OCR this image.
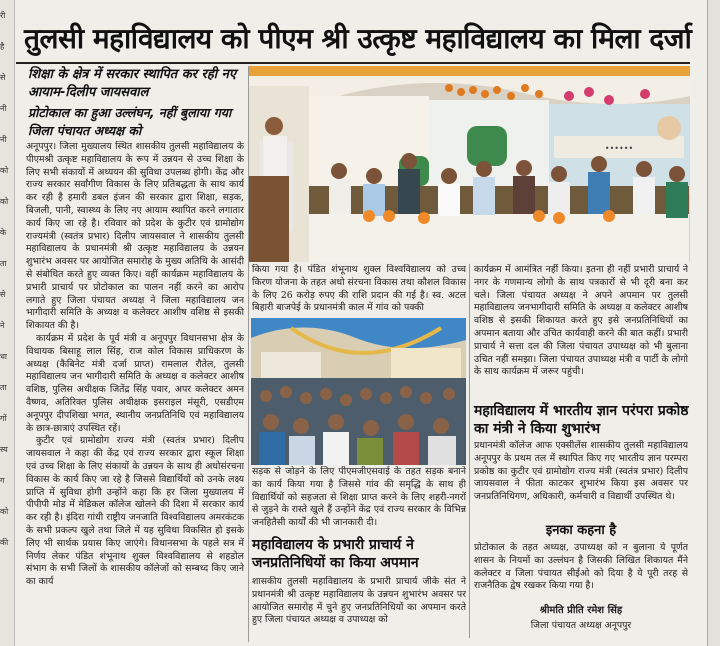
री
है
से
नी
नी
को
को
के
ता
से
ने
धा
ता
गों
स्य
ग
को
की
तुलसी महाविद्यालय को पीएम श्री उत्कृष्ट महाविद्यालय का मिला दर्जा
शिक्षा के क्षेत्र में सरकार स्थापित कर रही नए आयाम-दिलीप जायसवाल
प्रोटोकाल का हुआ उल्लंघन, नहीं बुलाया गया जिला पंचायत अध्यक्ष को

अनूपपुर। जिला मुख्यालय स्थित शासकीय तुलसी महाविद्यालय के पीएमश्री उत्कृष्ट महाविद्यालय के रूप में उन्नयन से उच्च शिक्षा के लिए सभी संकायों में अध्ययन की सुविधा उपलब्ध होगी। केंद्र और राज्य सरकार सर्वांगीण विकास के लिए प्रतिबद्धता के साथ कार्य कर रही है हमारी डबल इंजन की सरकार द्वारा शिक्षा, सड़क, बिजली, पानी, स्वास्थ्य के लिए नए आयाम स्थापित करने लगातार कार्य किए जा रहे है। रविवार को प्रदेश के कुटीर एवं ग्रामोद्योग राज्यमंत्री (स्वतंत्र प्रभार) दिलीप जायसवाल ने शासकीय तुलसी महाविद्यालय के प्रधानमंत्री श्री उत्कृष्ट महाविद्यालय के उन्नयन शुभारंभ अवसर पर आयोजित समारोह के मुख्य अतिथि के आसंदी से संबोधित करते हुए व्यक्त किए। वहीं कार्यक्रम महाविद्यालय के प्रभारी प्राचार्य पर प्रोटोकाल का पालन नहीं करने का आरोप लगाते हुए जिला पंचायत अध्यक्ष ने जिला महाविद्यालय जन भागीदारी समिति के अध्यक्ष व कलेक्टर आशीष वशिष्ठ से इसकी शिकायत की है।

कार्यक्रम में प्रदेश के पूर्व मंत्री व अनूपपुर विधानसभा क्षेत्र के विधायक बिसाहू लाल सिंह, राज कोल विकास प्राधिकरण के अध्यक्ष (कैबिनेट मंत्री दर्जा प्राप्त) रामलाल रौतेल, तुलसी महाविद्यालय जन भागीदारी समिति के अध्यक्ष व कलेक्टर आशीष वशिष्ठ, पुलिस अधीक्षक जितेंद्र सिंह पवार, अपर कलेक्टर अमन वैष्णव, अतिरिक्त पुलिस अधीक्षक इसराइल मंसूरी, एसडीएम अनूपपुर दीपशिखा भगत, स्थानीय जनप्रतिनिधि एवं महाविद्यालय के छात्र-छात्राएं उपस्थित रहें।

कुटीर एवं ग्रामोद्योग राज्य मंत्री (स्वतंत्र प्रभार) दिलीप जायसवाल ने कहा की केंद्र एवं राज्य सरकार द्वारा स्कूल शिक्षा एवं उच्च शिक्षा के लिए संकायों के उन्नयन के साथ ही अधोसंरचना विकास के कार्य किए जा रहे है जिससे विद्यार्थियों को उनके लक्ष्य प्राप्ति में सुविधा होगी उन्होंने कहा कि हर जिला मुख्यालय में पीपीपी मोड में मेडिकल कॉलेज खोलने की दिशा में सरकार कार्य कर रही है। इंदिरा गांधी राष्ट्रीय जनजाति विश्वविद्यालय अमरकंटक के सभी प्रकल्प खुले तथा जिले में यह सुविधा विकसित हो इसके लिए भी सार्थक प्रयास किए जाएंगे। विधानसभा के पहले सत्र में निर्णय लेकर पंडित शंभूनाथ शुक्ल विश्वविद्यालय से शहडोल संभाग के सभी जिलों के शासकीय कॉलेजों को सम्बध्द किए जाने का कार्य

••••••
किया गया है। पंडित शंभूनाथ शुक्ल विश्वविद्यालय को उच्च किरण योजना के तहत अधो संरचना विकास तथा कौशल विकास के लिए 26 करोड़ रुपए की राशि प्रदान की गई है। स्व. अटल बिहारी बाजपेई के प्रधानमंत्री काल में गांव को पक्की
कार्यक्रम में आमंत्रित नहीं किया। इतना ही नहीं प्रभारी प्राचार्य ने नगर के गणमान्य लोगो के साथ पत्रकारों से भी दूरी बना कर चले। जिला पंचायत अध्यक्ष ने अपने अपमान पर तुलसी महाविद्यालय जनभागीदारी समिति के अध्यक्ष व कलेक्टर आशीष वशिष्ठ से इसकी शिकायत करते हुए इसे जनप्रतिनिधियों का अपमान बताया और उचित कार्यवाही करने की बात कहीं। प्रभारी प्राचार्य ने सत्ता दल की जिला पंचायत उपाध्यक्ष को भी बुलाना उचित नहीं समझा। जिला पंचायत उपाध्यक्ष मंत्री व पार्टी के लोगो के साथ कार्यक्रम में जरूर पहुंची।
सड़क से जोड़ने के लिए पीएमजीएसवाई के तहत सड़क बनाने का कार्य किया गया है जिससे गांव की समृद्धि के साथ ही विद्यार्थियों को सहजता से शिक्षा प्राप्त करने के लिए शहरी-नगरों से जुड़ने के रास्ते खुले हैं उन्होंने केंद्र एवं राज्य सरकार के विभिन्न जनहितैसी कार्यों की भी जानकारी दी।
महाविद्यालय के प्रभारी प्राचार्य ने जनप्रतिनिधियों का किया अपमान
शासकीय तुलसी महाविद्यालय के प्रभारी प्राचार्य जीके संत ने प्रधानमंत्री श्री उत्कृष्ट महाविद्यालय के उन्नयन शुभारंभ अवसर पर आयोजित समारोह में चुने हुए जनप्रतिनिधियों का अपमान करते हुए जिला पंचायत अध्यक्ष व उपाध्यक्ष को
महाविद्यालय में भारतीय ज्ञान परंपरा प्रकोष्ठ का मंत्री ने किया शुभारंभ
प्रधानमंत्री कॉलेज आफ एक्सीलेंस शासकीय तुलसी महाविद्यालय अनूपपुर के प्रथम तल में स्थापित किए गए भारतीय ज्ञान परम्परा प्रकोष्ठ का कुटीर एवं ग्रामोद्योग राज्य मंत्री (स्वतंत्र प्रभार) दिलीप जायसवाल ने फीता काटकर शुभारंभ किया इस अवसर पर जनप्रतिनिधिगण, अधिकारी, कर्मचारी व विद्यार्थी उपस्थित थे।
इनका कहना है
प्रोटोकाल के तहत अध्यक्ष, उपाध्यक्ष को न बुलाना ये पूर्णत शासन के नियमों का उल्लंघन है जिसकी लिखित शिकायत मैंने कलेक्टर व जिला पंचायत सीईओ को दिया है ये पूरी तरह से राजनैतिक द्वेष रखकर किया गया है।
श्रीमति प्रीति रमेश सिंह
जिला पंचायत अध्यक्ष अनूपपुर
